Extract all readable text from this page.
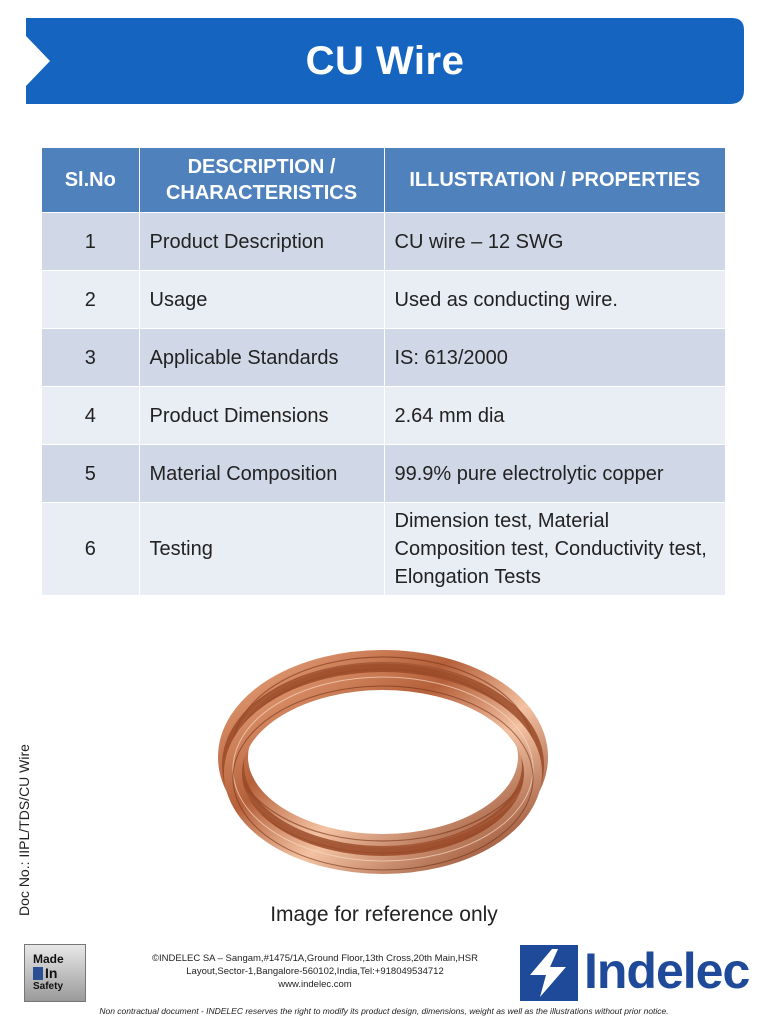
CU Wire
Sl.No	DESCRIPTION / CHARACTERISTICS	ILLUSTRATION / PROPERTIES
1	Product Description	CU wire – 12 SWG
2	Usage	Used as conducting wire.
3	Applicable Standards	IS: 613/2000
4	Product Dimensions	2.64 mm dia
5	Material Composition	99.9% pure electrolytic copper
6	Testing	Dimension test, Material Composition test, Conductivity test, Elongation Tests
Image for reference only
Doc No.: IIPL/TDS/CU Wire
Made
In
Safety
©INDELEC SA – Sangam,#1475/1A,Ground Floor,13th Cross,20th Main,HSR
Layout,Sector-1,Bangalore-560102,India,Tel:+918049534712
www.indelec.com	Indelec
Non contractual document - INDELEC reserves the right to modify its product design, dimensions, weight as well as the illustrations without prior notice.
